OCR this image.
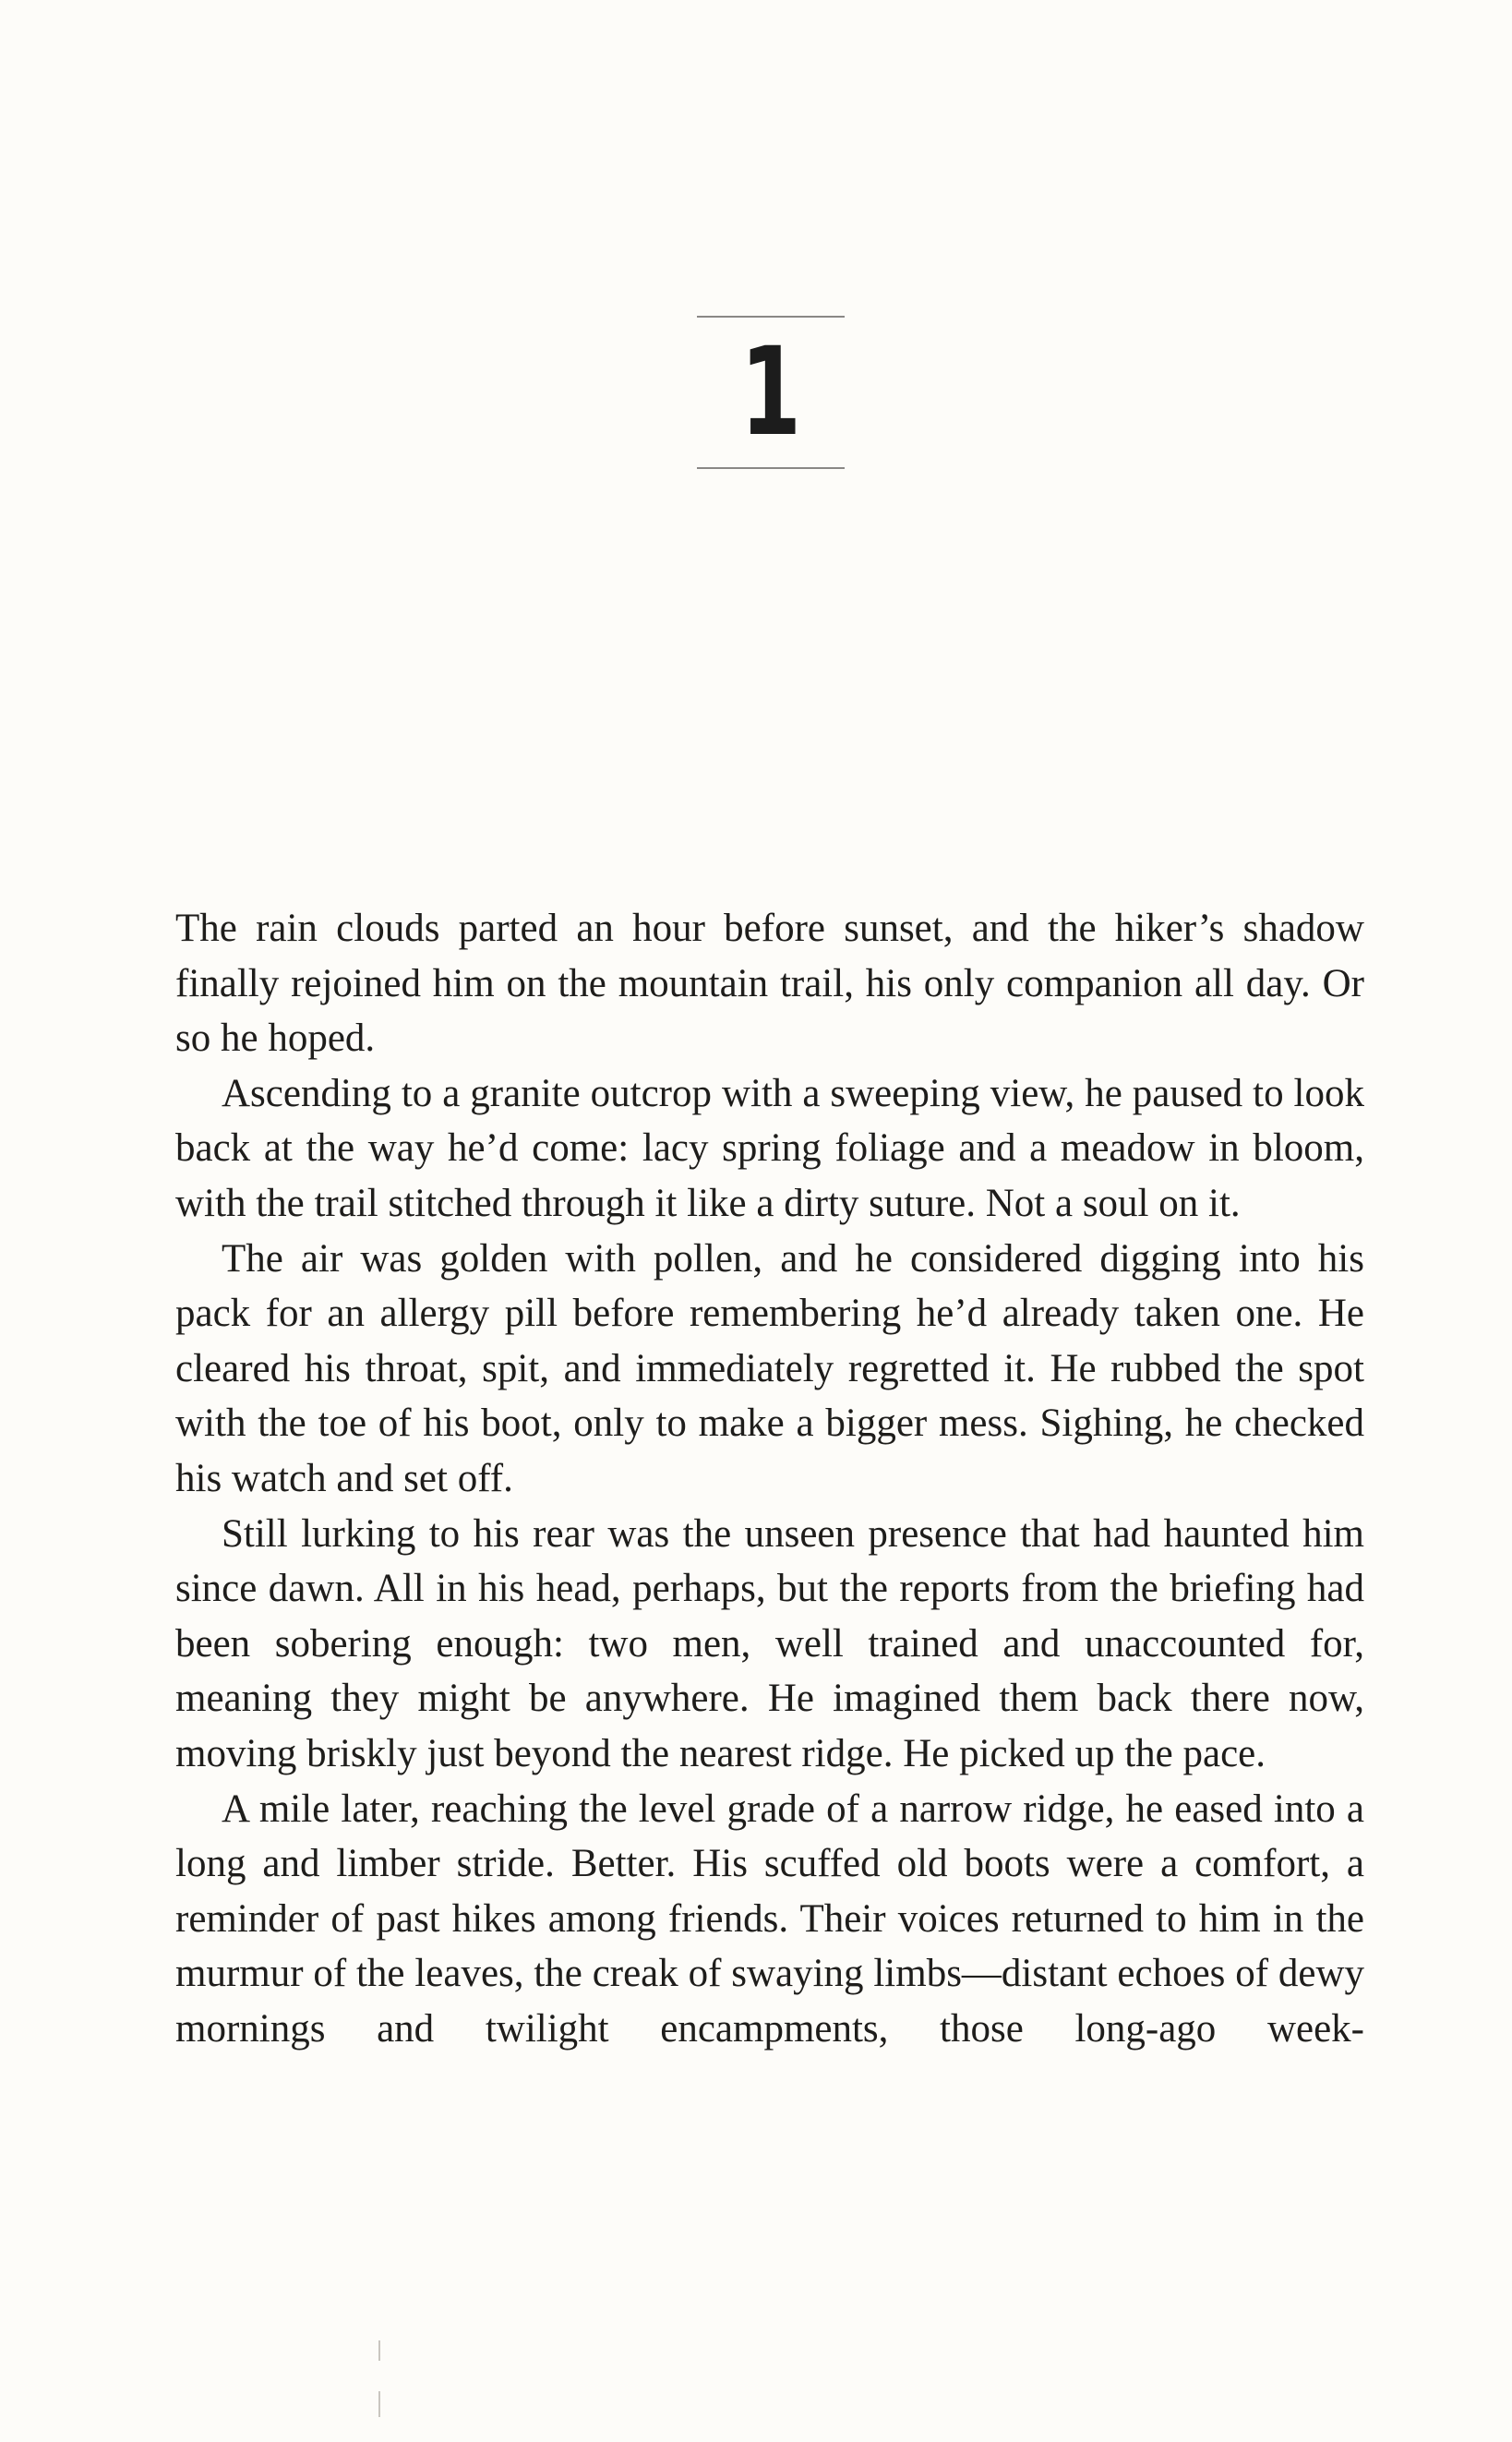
1

The rain clouds parted an hour before sunset, and the hiker’s shadow finally rejoined him on the mountain trail, his only companion all day. Or so he hoped.

Ascending to a granite outcrop with a sweeping view, he paused to look back at the way he’d come: lacy spring foliage and a meadow in bloom, with the trail stitched through it like a dirty suture. Not a soul on it.

The air was golden with pollen, and he considered digging into his pack for an allergy pill before remembering he’d already taken one. He cleared his throat, spit, and immediately regretted it. He rubbed the spot with the toe of his boot, only to make a bigger mess. Sighing, he checked his watch and set off.

Still lurking to his rear was the unseen presence that had haunted him since dawn. All in his head, perhaps, but the reports from the briefing had been sobering enough: two men, well trained and unaccounted for, meaning they might be anywhere. He imagined them back there now, moving briskly just beyond the nearest ridge. He picked up the pace.

A mile later, reaching the level grade of a narrow ridge, he eased into a long and limber stride. Better. His scuffed old boots were a comfort, a reminder of past hikes among friends. Their voices returned to him in the murmur of the leaves, the creak of swaying limbs—distant echoes of dewy mornings and twilight encampments, those long-ago week-
